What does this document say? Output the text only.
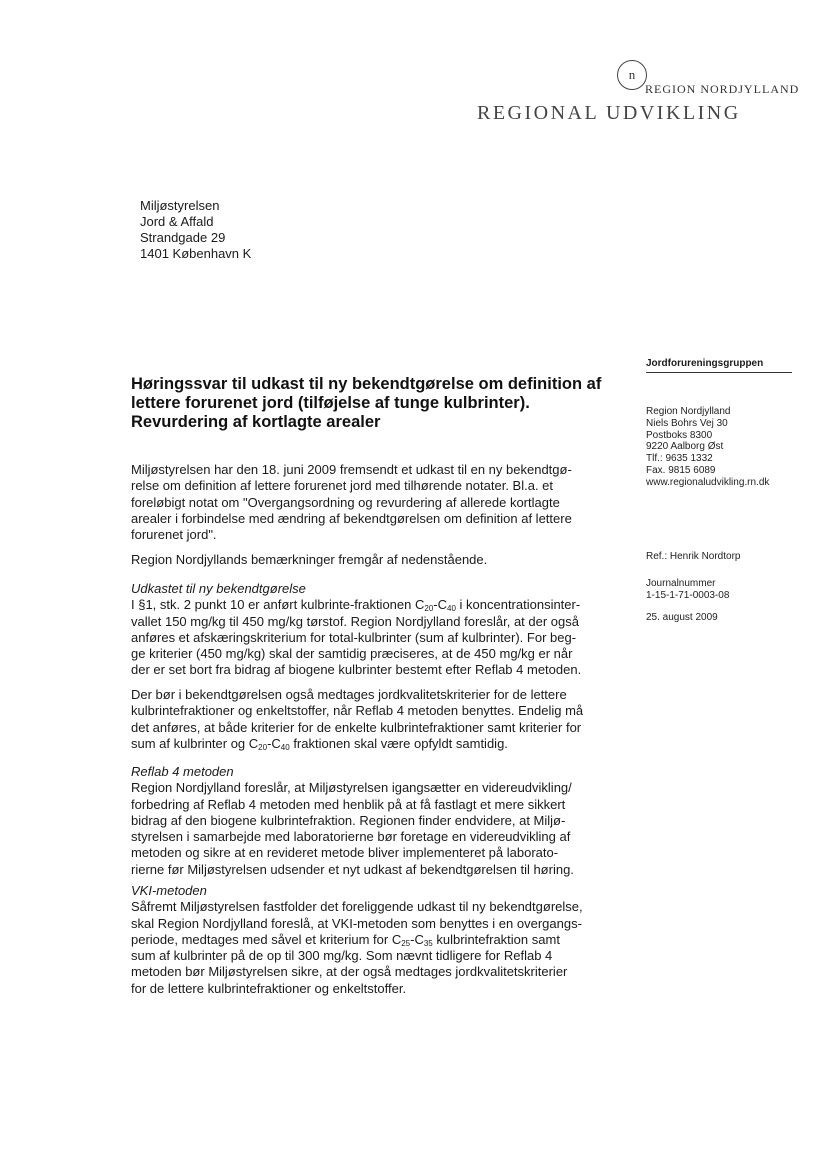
n
REGION NORDJYLLAND
REGIONAL UDVIKLING
Miljøstyrelsen
Jord & Affald
Strandgade 29
1401 København K
Jordforureningsgruppen
Region Nordjylland
Niels Bohrs Vej 30
Postboks 8300
9220 Aalborg Øst
Tlf.: 9635 1332
Fax. 9815 6089
www.regionaludvikling.rn.dk
Ref.: Henrik Nordtorp
Journalnummer
1-15-1-71-0003-08
25. august 2009
Høringssvar til udkast til ny bekendtgørelse om definition af
lettere forurenet jord (tilføjelse af tunge kulbrinter).
Revurdering af kortlagte arealer
Miljøstyrelsen har den 18. juni 2009 fremsendt et udkast til en ny bekendtgø-
relse om definition af lettere forurenet jord med tilhørende notater. Bl.a. et
foreløbigt notat om "Overgangsordning og revurdering af allerede kortlagte
arealer i forbindelse med ændring af bekendtgørelsen om definition af lettere
forurenet jord".
Region Nordjyllands bemærkninger fremgår af nedenstående.
Udkastet til ny bekendtgørelse
I §1, stk. 2 punkt 10 er anført kulbrinte-fraktionen $C_{20}-C_{40}$ i koncentrationsinter-
vallet 150 mg/kg til 450 mg/kg tørstof. Region Nordjylland foreslår, at der også
anføres et afskæringskriterium for total-kulbrinter (sum af kulbrinter). For beg-
ge kriterier (450 mg/kg) skal der samtidig præciseres, at de 450 mg/kg er når
der er set bort fra bidrag af biogene kulbrinter bestemt efter Reflab 4 metoden.
Der bør i bekendtgørelsen også medtages jordkvalitetskriterier for de lettere
kulbrintefraktioner og enkeltstoffer, når Reflab 4 metoden benyttes. Endelig må
det anføres, at både kriterier for de enkelte kulbrintefraktioner samt kriterier for
sum af kulbrinter og $C_{20}-C_{40}$ fraktionen skal være opfyldt samtidig.
Reflab 4 metoden
Region Nordjylland foreslår, at Miljøstyrelsen igangsætter en videreudvikling/
forbedring af Reflab 4 metoden med henblik på at få fastlagt et mere sikkert
bidrag af den biogene kulbrintefraktion. Regionen finder endvidere, at Miljø-
styrelsen i samarbejde med laboratorierne bør foretage en videreudvikling af
metoden og sikre at en revideret metode bliver implementeret på laborato-
rierne før Miljøstyrelsen udsender et nyt udkast af bekendtgørelsen til høring.
VKI-metoden
Såfremt Miljøstyrelsen fastfolder det foreliggende udkast til ny bekendtgørelse,
skal Region Nordjylland foreslå, at VKI-metoden som benyttes i en overgangs-
periode, medtages med såvel et kriterium for $C_{25}-C_{35}$ kulbrintefraktion samt
sum af kulbrinter på de op til 300 mg/kg. Som nævnt tidligere for Reflab 4
metoden bør Miljøstyrelsen sikre, at der også medtages jordkvalitetskriterier
for de lettere kulbrintefraktioner og enkeltstoffer.
